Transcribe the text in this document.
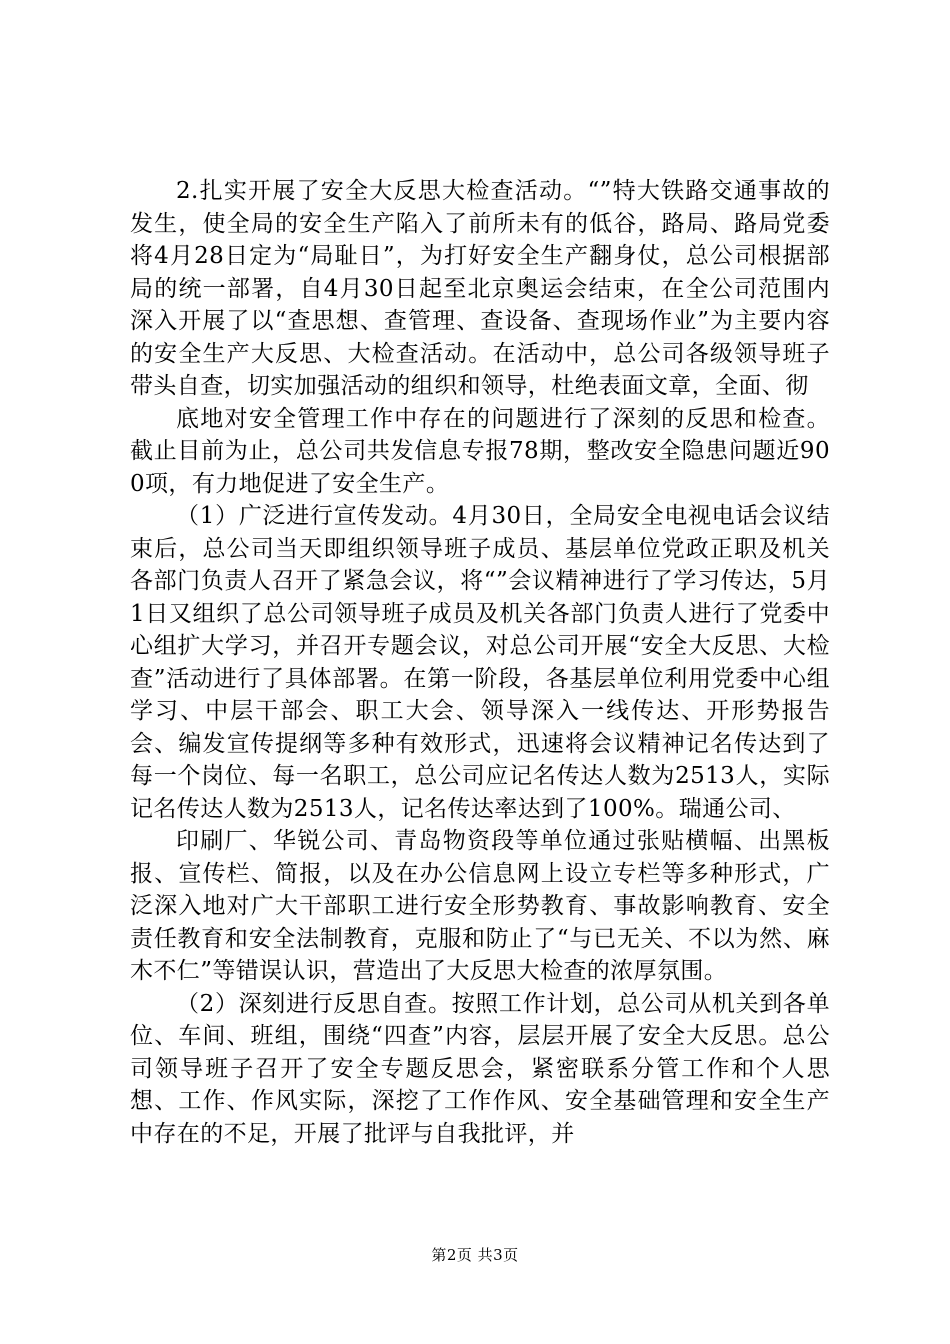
2.扎实开展了安全大反思大检查活动。“”特大铁路交通事故的发生，使全局的安全生产陷入了前所未有的低谷，路局、路局党委将4月28日定为“局耻日”，为打好安全生产翻身仗，总公司根据部局的统一部署，自4月30日起至北京奥运会结束，在全公司范围内深入开展了以“查思想、查管理、查设备、查现场作业”为主要内容的安全生产大反思、大检查活动。在活动中，总公司各级领导班子带头自查，切实加强活动的组织和领导，杜绝表面文章，全面、彻

底地对安全管理工作中存在的问题进行了深刻的反思和检查。截止目前为止，总公司共发信息专报78期，整改安全隐患问题近900项，有力地促进了安全生产。

（1）广泛进行宣传发动。4月30日，全局安全电视电话会议结束后，总公司当天即组织领导班子成员、基层单位党政正职及机关各部门负责人召开了紧急会议，将“”会议精神进行了学习传达，5月1日又组织了总公司领导班子成员及机关各部门负责人进行了党委中心组扩大学习，并召开专题会议，对总公司开展“安全大反思、大检查”活动进行了具体部署。在第一阶段，各基层单位利用党委中心组学习、中层干部会、职工大会、领导深入一线传达、开形势报告会、编发宣传提纲等多种有效形式，迅速将会议精神记名传达到了每一个岗位、每一名职工，总公司应记名传达人数为2513人，实际记名传达人数为2513人，记名传达率达到了100%。瑞通公司、

印刷厂、华锐公司、青岛物资段等单位通过张贴横幅、出黑板报、宣传栏、简报，以及在办公信息网上设立专栏等多种形式，广泛深入地对广大干部职工进行安全形势教育、事故影响教育、安全责任教育和安全法制教育，克服和防止了“与已无关、不以为然、麻木不仁”等错误认识，营造出了大反思大检查的浓厚氛围。

（2）深刻进行反思自查。按照工作计划，总公司从机关到各单位、车间、班组，围绕“四查”内容，层层开展了安全大反思。总公司领导班子召开了安全专题反思会，紧密联系分管工作和个人思想、工作、作风实际，深挖了工作作风、安全基础管理和安全生产中存在的不足，开展了批评与自我批评，并

第2页 共3页
